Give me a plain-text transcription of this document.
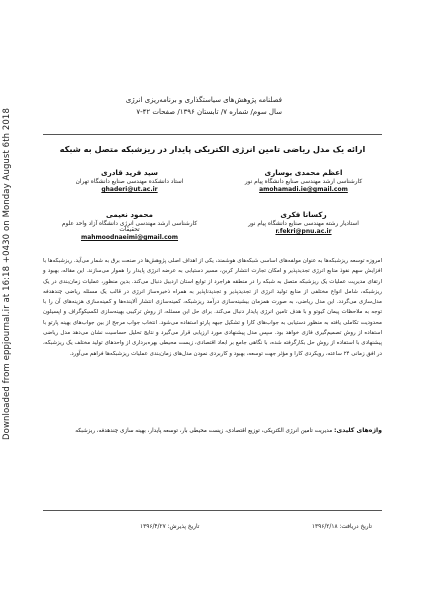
Downloaded from eppjournal.ir at 16:18 +0430 on Monday August 6th 2018
فصلنامه پژوهش‌های سیاستگذاری و برنامه‌ریزی انرژی
سال سوم/ شماره ۷/ تابستان ۱۳۹۶/ صفحات ۴۲-۷
ارائه یک مدل ریاضی تامین انرژی الکتریکی پایدار در ریزشبکه متصل به شبکه
اعظم محمدی بوساری
کارشناسی ارشد مهندسی صنایع دانشگاه پیام نور
amohamadi.ie@gmail.com
سید فرید قادری
استاد دانشکده مهندسی صنایع دانشگاه تهران
ghaderi@ut.ac.ir
رکسانا فکری
استادیار رشته مهندسی صنایع دانشگاه پیام نور
r.fekri@pnu.ac.ir
محمود نعیمی
کارشناسی ارشد مهندسی انرژی دانشگاه آزاد واحد علوم تحقیقات
mahmoodnaeimi@gmail.com
امروزه توسعه ریزشبکه‌ها به عنوان مولفه‌های اساسی شبکه‌های هوشمند، یکی از اهداف اصلی پژوهش‌ها در صنعت برق به شمار می‌آید. ریزشبکه‌ها با افزایش سهم نفوذ منابع انرژی تجدیدپذیر و امکان تجارت انتشار کربن، مسیر دستیابی به عرضه انرژی پایدار را هموار می‌سازند. این مقاله، بهبود و ارتقای مدیریت عملیات یک ریزشبکه متصل به شبکه را در منطقه هراجرد از توابع استان اردبیل دنبال می‌کند. بدین منظور، عملیات زمان‌بندی در یک ریزشبکه، شامل انواع مختلفی از منابع تولید انرژی از تجدیدپذیر و تجدیدناپذیر به همراه ذخیره‌ساز انرژی در قالب یک مسئله ریاضی چندهدفه مدل‌سازی می‌گردد. این مدل ریاضی، به صورت همزمان بیشینه‌سازی درآمد ریزشبکه، کمینه‌سازی انتشار آلاینده‌ها و کمینه‌سازی هزینه‌های آن را با توجه به ملاحظات پیمان کیوتو و با هدف تامین انرژی پایدار دنبال می‌کند. برای حل این مسئله، از روش ترکیبی بهینه‌سازی لکسیکوگراف و اپسیلون محدودیت تکاملی یافته به منظور دستیابی به جواب‌های کارا و تشکیل جبهه پارتو استفاده می‌شود. انتخاب جواب مرجح از بین جواب‌های بهینه پارتو با استفاده از روش تصمیم‌گیری فازی خواهد بود. سپس مدل پیشنهادی مورد ارزیابی قرار می‌گیرد و نتایج تحلیل حساسیت نشان می‌دهد مدل ریاضی پیشنهادی با استفاده از روش حل بکارگرفته شده، با نگاهی جامع بر ابعاد اقتصادی، زیست محیطی بهره‌برداری از واحدهای تولید مختلف یک ریزشبکه، در افق زمانی ۲۴ ساعته، رویکردی کارا و مؤثر جهت توسعه، بهبود و کاربردی نمودن مدل‌های زمان‌بندی عملیات ریزشبکه‌ها فراهم می‌آورد.
واژه‌های کلیدی: مدیریت تامین انرژی الکتریکی، توزیع اقتصادی، زیست محیطی بار، توسعه پایدار، بهینه سازی چندهدفه، ریزشبکه
تاریخ دریافت: ۱۳۹۶/۲/۱۸
تاریخ پذیرش: ۱۳۹۶/۴/۲۷
